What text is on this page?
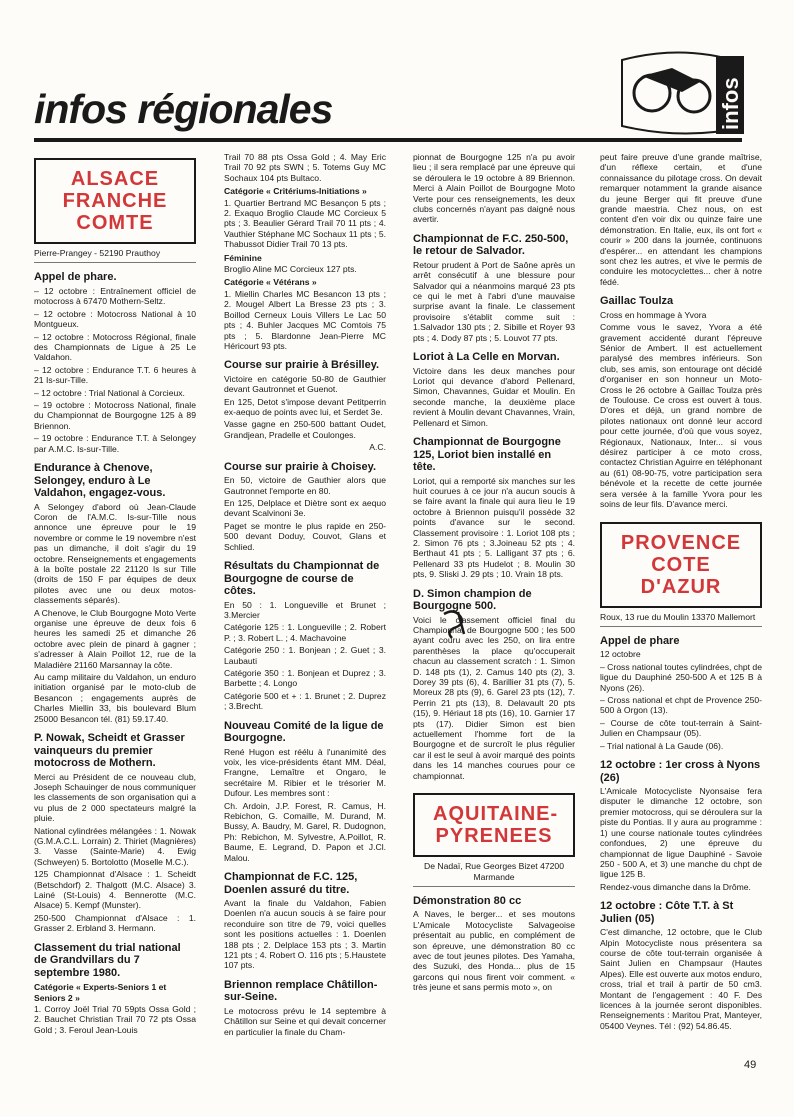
infos régionales	infos
ALSACE FRANCHE COMTE
Pierre-Prangey - 52190 Prauthoy
Appel de phare.

– 12 octobre : Entraînement officiel de motocross à 67470 Mothern-Seltz.

– 12 octobre : Motocross National à 10 Montgueux.

– 12 octobre : Motocross Régional, finale des Championnats de Ligue à 25 Le Valdahon.

– 12 octobre : Endurance T.T. 6 heures à 21 Is-sur-Tille.

– 12 octobre : Trial National à Corcieux.

– 19 octobre : Motocross National, finale du Championnat de Bourgogne 125 à 89 Briennon.

– 19 octobre : Endurance T.T. à Selongey par A.M.C. Is-sur-Tille.

Endurance à Chenove, Selongey, enduro à Le Valdahon, engagez-vous.

A Selongey d'abord où Jean-Claude Coron de l'A.M.C. Is-sur-Tille nous annonce une épreuve pour le 19 novembre or comme le 19 novembre n'est pas un dimanche, il doit s'agir du 19 octobre. Renseignements et engagements à la boîte postale 22 21120 Is sur Tille (droits de 150 F par équipes de deux pilotes avec une ou deux motos-classements séparés).

A Chenove, le Club Bourgogne Moto Verte organise une épreuve de deux fois 6 heures les samedi 25 et dimanche 26 octobre avec plein de pinard à gagner ; s'adresser à Alain Poillot 12, rue de la Maladière 21160 Marsannay la côte.

Au camp militaire du Valdahon, un enduro initiation organisé par le moto-club de Besancon ; engagements auprès de Charles Miellin 33, bis boulevard Blum 25000 Besancon tél. (81) 59.17.40.

P. Nowak, Scheidt et Grasser vainqueurs du premier motocross de Mothern.

Merci au Président de ce nouveau club, Joseph Schauinger de nous communiquer les classements de son organisation qui a vu plus de 2 000 spectateurs malgré la pluie.

National cylindrées mélangées : 1. Nowak (G.M.A.C.L. Lorrain) 2. Thiriet (Magnières) 3. Vasse (Sainte-Marie) 4. Ewig (Schweyen) 5. Bortolotto (Moselle M.C.).

125 Championnat d'Alsace : 1. Scheidt (Betschdorf) 2. Thalgott (M.C. Alsace) 3. Lainé (St-Louis) 4. Bennerotte (M.C. Alsace) 5. Kempf (Munster).

250-500 Championnat d'Alsace : 1. Grasser 2. Erbland 3. Hermann.

Classement du trial national de Grandvillars du 7 septembre 1980.
Catégorie « Experts-Seniors 1 et Seniors 2 »

1. Corroy Joël Trial 70 59pts Ossa Gold ; 2. Bauchet Christian Trail 70 72 pts Ossa Gold ; 3. Feroul Jean-Louis

Trail 70 88 pts Ossa Gold ; 4. May Eric Trail 70 92 pts SWN ; 5. Totems Guy MC Sochaux 104 pts Bultaco.

Catégorie « Critériums-Initiations »

1. Quartier Bertrand MC Besançon 5 pts ; 2. Exaquo Broglio Claude MC Corcieux 5 pts ; 3. Beaulier Gérard Trail 70 11 pts ; 4. Vauthier Stéphane MC Sochaux 11 pts ; 5. Thabussot Didier Trail 70 13 pts.

Féminine

Broglio Aline MC Corcieux 127 pts.

Catégorie « Vétérans »

1. Miellin Charles MC Besancon 13 pts ; 2. Mougel Albert La Bresse 23 pts ; 3. Boillod Cerneux Louis Villers Le Lac 50 pts ; 4. Buhler Jacques MC Comtois 75 pts ; 5. Blardonne Jean-Pierre MC Héricourt 93 pts.

Course sur prairie à Brésilley.

Victoire en catégorie 50-80 de Gauthier devant Gautronnet et Guenot.

En 125, Detot s'impose devant Petitperrin ex-aequo de points avec lui, et Serdet 3e.

Vasse gagne en 250-500 battant Oudet, Grandjean, Pradelle et Coulonges.

A.C.

Course sur prairie à Choisey.

En 50, victoire de Gauthier alors que Gautronnet l'emporte en 80.

En 125, Delplace et Diètre sont ex aequo devant Scalvinoni 3e.

Paget se montre le plus rapide en 250-500 devant Doduy, Couvot, Glans et Schlied.

Résultats du Championnat de Bourgogne de course de côtes.

En 50 : 1. Longueville et Brunet ; 3.Mercier

Catégorie 125 : 1. Longueville ; 2. Robert P. ; 3. Robert L. ; 4. Machavoine

Catégorie 250 : 1. Bonjean ; 2. Guet ; 3. Laubauti

Catégorie 350 : 1. Bonjean et Duprez ; 3. Barbette ; 4. Longo

Catégorie 500 et + : 1. Brunet ; 2. Duprez ; 3.Brecht.

Nouveau Comité de la ligue de Bourgogne.

René Hugon est réélu à l'unanimité des voix, les vice-présidents étant MM. Déal, Frangne, Lemaître et Ongaro, le secrétaire M. Ribier et le trésorier M. Dufour. Les membres sont :

Ch. Ardoin, J.P. Forest, R. Camus, H. Rebichon, G. Comaille, M. Durand, M. Bussy, A. Baudry, M. Garel, R. Dudognon, Ph: Rebichon, M. Sylvestre, A.Poillot, R. Baume, E. Legrand, D. Papon et J.Cl. Malou.

Championnat de F.C. 125, Doenlen assuré du titre.

Avant la finale du Valdahon, Fabien Doenlen n'a aucun soucis à se faire pour reconduire son titre de 79, voici quelles sont les positions actuelles : 1. Doenlen 188 pts ; 2. Delplace 153 pts ; 3. Martin 121 pts ; 4. Robert O. 116 pts ; 5.Haustete 107 pts.

Briennon remplace Châtillon-sur-Seine.

Le motocross prévu le 14 septembre à Châtillon sur Seine et qui devait concerner en particulier la finale du Cham-

pionnat de Bourgogne 125 n'a pu avoir lieu ; il sera remplacé par une épreuve qui se déroulera le 19 octobre à 89 Briennon. Merci à Alain Poillot de Bourgogne Moto Verte pour ces renseignements, les deux clubs concernés n'ayant pas daigné nous avertir.

Championnat de F.C. 250-500, le retour de Salvador.

Retour prudent à Port de Saône après un arrêt consécutif à une blessure pour Salvador qui a néanmoins marqué 23 pts ce qui le met à l'abri d'une mauvaise surprise avant la finale. Le classement provisoire s'établit comme suit : 1.Salvador 130 pts ; 2. Sibille et Royer 93 pts ; 4. Dody 87 pts ; 5. Louvot 77 pts.

Loriot à La Celle en Morvan.

Victoire dans les deux manches pour Loriot qui devance d'abord Pellenard, Simon, Chavannes, Guidar et Moulin. En seconde manche, la deuxième place revient à Moulin devant Chavannes, Vrain, Pellenard et Simon.

Championnat de Bourgogne 125, Loriot bien installé en tête.

Loriot, qui a remporté six manches sur les huit courues à ce jour n'a aucun soucis à se faire avant la finale qui aura lieu le 19 octobre à Briennon puisqu'il possède 32 points d'avance sur le second. Classement provisoire : 1. Loriot 108 pts ; 2. Simon 76 pts ; 3.Joineau 52 pts ; 4. Berthaut 41 pts ; 5. Lalligant 37 pts ; 6. Pellenard 33 pts Hudelot ; 8. Moulin 30 pts, 9. Sliski J. 29 pts ; 10. Vrain 18 pts.

D. Simon champion de Bourgogne 500.

Voici le classement officiel final du Championnat de Bourgogne 500 ; les 500 ayant couru avec les 250, on lira entre parenthèses la place qu'occuperait chacun au classement scratch : 1. Simon D. 148 pts (1), 2. Camus 140 pts (2), 3. Dorey 39 pts (6), 4. Barillier 31 pts (7), 5. Moreux 28 pts (9), 6. Garel 23 pts (12), 7. Perrin 21 pts (13), 8. Delavault 20 pts (15), 9. Hériaut 18 pts (16), 10. Garnier 17 pts (17). Didier Simon est bien actuellement l'homme fort de la Bourgogne et de surcroît le plus régulier car il est le seul à avoir marqué des points dans les 14 manches courues pour ce championnat.

AQUITAINE-PYRENEES
De Nadaï, Rue Georges Bizet 47200 Marmande
Démonstration 80 cc

A Naves, le berger... et ses moutons L'Amicale Motocycliste Salvageoise présentait au public, en complément de son épreuve, une démonstration 80 cc avec de tout jeunes pilotes. Des Yamaha, des Suzuki, des Honda... plus de 15 garcons qui nous firent voir comment. « très jeune et sans permis moto », on

peut faire preuve d'une grande maîtrise, d'un réflexe certain, et d'une connaissance du pilotage cross. On devait remarquer notamment la grande aisance du jeune Berger qui fit preuve d'une grande maestria. Chez nous, on est content d'en voir dix ou quinze faire une démonstration. En Italie, eux, ils ont fort « courir » 200 dans la journée, continuons d'espérer... en attendant les champions sont chez les autres, et vive le permis de conduire les motocyclettes... cher à notre fédé.

Gaillac Toulza

Cross en hommage à Yvora

Comme vous le savez, Yvora a été gravement accidenté durant l'épreuve Sénior de Ambert. Il est actuellement paralysé des membres inférieurs. Son club, ses amis, son entourage ont décidé d'organiser en son honneur un Moto-Cross le 26 octobre à Gaillac Toulza près de Toulouse. Ce cross est ouvert à tous. D'ores et déjà, un grand nombre de pilotes nationaux ont donné leur accord pour cette journée, d'où que vous soyez, Régionaux, Nationaux, Inter... si vous désirez participer à ce moto cross, contactez Christian Aguirre en téléphonant au (61) 08-90-75, votre participation sera bénévole et la recette de cette journée sera versée à la famille Yvora pour les soins de leur fils. D'avance merci.

PROVENCE COTE D'AZUR
Roux, 13 rue du Moulin 13370 Mallemort
Appel de phare

12 octobre

– Cross national toutes cylindrées, chpt de ligue du Dauphiné 250-500 A et 125 B à Nyons (26).

– Cross national et chpt de Provence 250-500 à Orgon (13).

– Course de côte tout-terrain à Saint-Julien en Champsaur (05).

– Trial national à La Gaude (06).

12 octobre : 1er cross à Nyons (26)

L'Amicale Motocycliste Nyonsaise fera disputer le dimanche 12 octobre, son premier motocross, qui se déroulera sur la piste du Pontias. Il y aura au programme : 1) une course nationale toutes cylindrées confondues, 2) une épreuve du championnat de ligue Dauphiné - Savoie 250 - 500 A, et 3) une manche du chpt de ligue 125 B.

Rendez-vous dimanche dans la Drôme.

12 octobre : Côte T.T. à St Julien (05)

C'est dimanche, 12 octobre, que le Club Alpin Motocycliste nous présentera sa course de côte tout-terrain organisée à Saint Julien en Champsaur (Hautes Alpes). Elle est ouverte aux motos enduro, cross, trial et trail à partir de 50 cm3. Montant de l'engagement : 40 F. Des licences à la journée seront disponibles. Renseignements : Maritou Prat, Manteyer, 05400 Veynes. Tél : (92) 54.86.45.

49
